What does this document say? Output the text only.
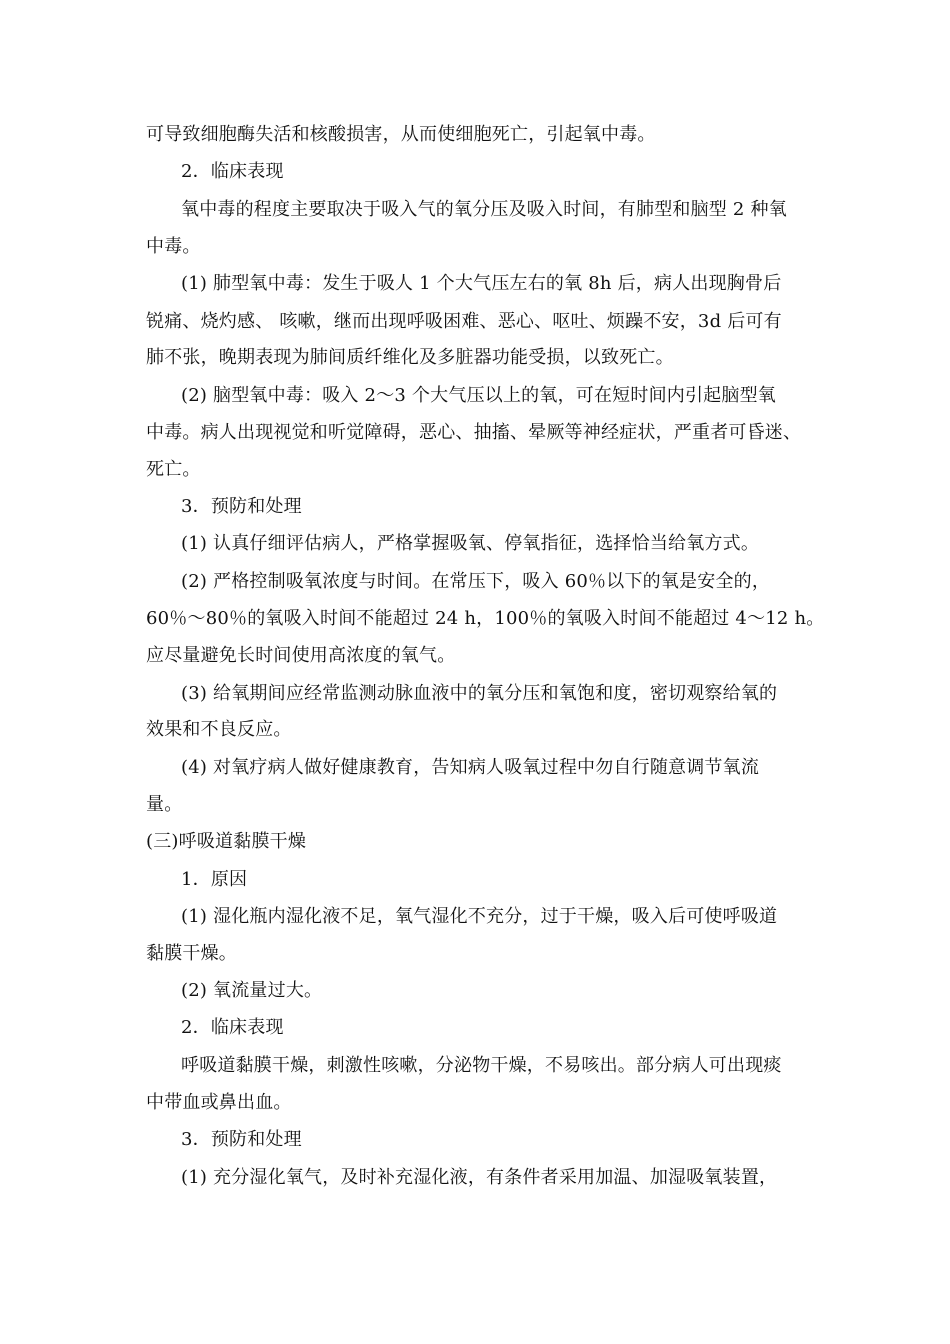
可导致细胞酶失活和核酸损害，从而使细胞死亡，引起氧中毒。
2．临床表现
氧中毒的程度主要取决于吸入气的氧分压及吸入时间，有肺型和脑型 2 种氧
中毒。
(1) 肺型氧中毒：发生于吸人 1 个大气压左右的氧 8h 后，病人出现胸骨后
锐痛、烧灼感、 咳嗽，继而出现呼吸困难、恶心、呕吐、烦躁不安，3d 后可有
肺不张，晚期表现为肺间质纤维化及多脏器功能受损，以致死亡。
(2) 脑型氧中毒：吸入 2～3 个大气压以上的氧，可在短时间内引起脑型氧
中毒。病人出现视觉和听觉障碍，恶心、抽搐、晕厥等神经症状，严重者可昏迷、
死亡。
3．预防和处理
(1) 认真仔细评估病人，严格掌握吸氧、停氧指征，选择恰当给氧方式。
(2) 严格控制吸氧浓度与时间。在常压下，吸入 60％以下的氧是安全的，
60％～80％的氧吸入时间不能超过 24 h，100％的氧吸入时间不能超过 4～12 h。
应尽量避免长时间使用高浓度的氧气。
(3) 给氧期间应经常监测动脉血液中的氧分压和氧饱和度，密切观察给氧的
效果和不良反应。
(4) 对氧疗病人做好健康教育，告知病人吸氧过程中勿自行随意调节氧流
量。
(三)呼吸道黏膜干燥
1．原因
(1) 湿化瓶内湿化液不足，氧气湿化不充分，过于干燥，吸入后可使呼吸道
黏膜干燥。
(2) 氧流量过大。
2．临床表现
呼吸道黏膜干燥，刺激性咳嗽，分泌物干燥，不易咳出。部分病人可出现痰
中带血或鼻出血。
3．预防和处理
(1) 充分湿化氧气，及时补充湿化液，有条件者采用加温、加湿吸氧装置，
